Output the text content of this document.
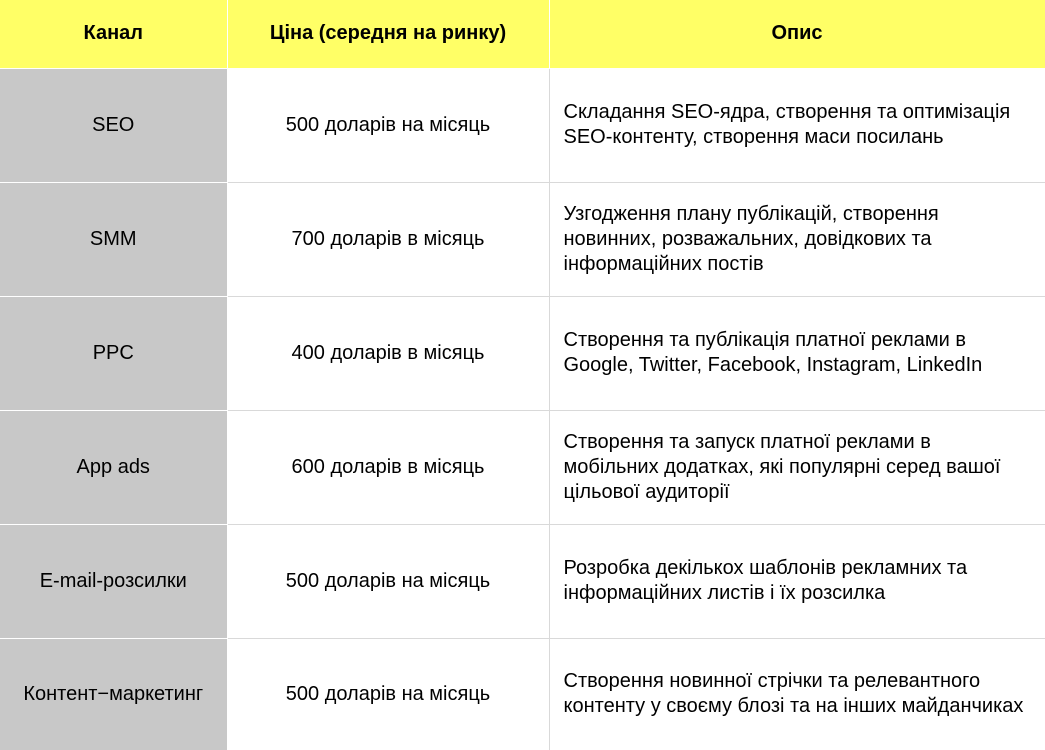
Канал	Ціна (середня на ринку)	Опис
SEO	500 доларів на місяць	Складання SEO-ядра, створення та оптимізація SEO-контенту, створення маси посилань
SMM	700 доларів в місяць	Узгодження плану публікацій, створення новинних, розважальних, довідкових та інформаційних постів
PPC	400 доларів в місяць	Створення та публікація платної реклами в Google, Twitter, Facebook, Instagram, LinkedIn
App ads	600 доларів в місяць	Створення та запуск платної реклами в мобільних додатках, які популярні серед вашої цільової аудиторії
E-mail-розсилки	500 доларів на місяць	Розробка декількох шаблонів рекламних та інформаційних листів і їх розсилка
Контент−маркетинг	500 доларів на місяць	Створення новинної стрічки та релевантного контенту у своєму блозі та на інших майданчиках
